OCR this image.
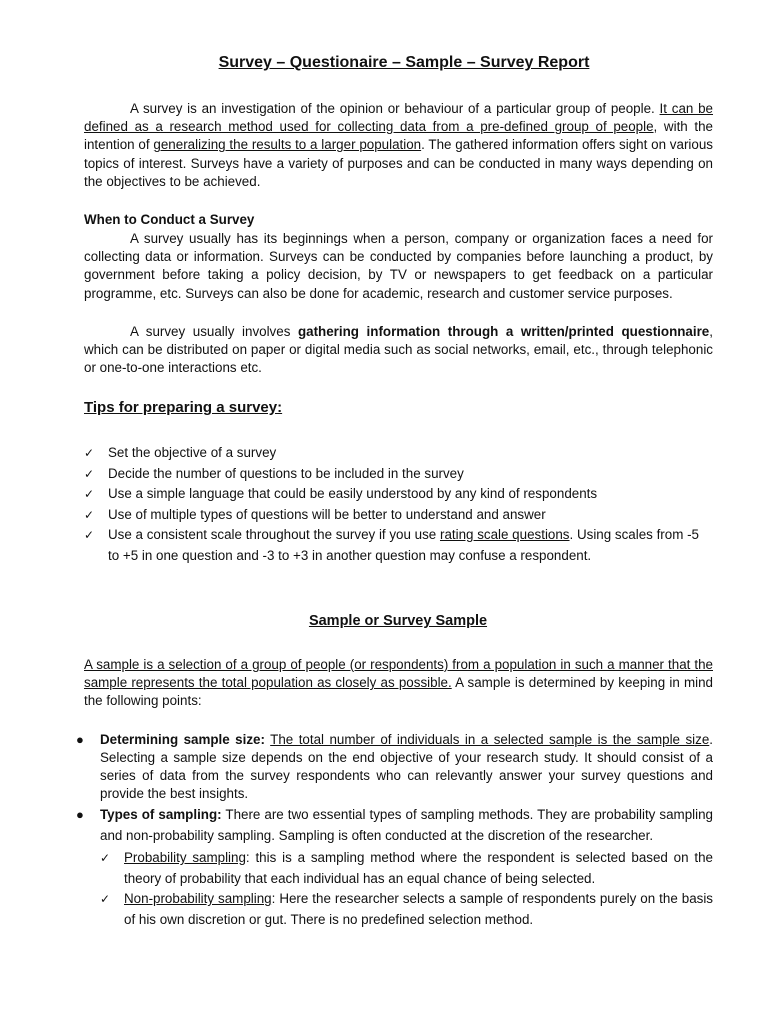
Survey – Questionaire – Sample – Survey Report
A survey is an investigation of the opinion or behaviour of a particular group of people. It can be defined as a research method used for collecting data from a pre-defined group of people, with the intention of generalizing the results to a larger population. The gathered information offers sight on various topics of interest. Surveys have a variety of purposes and can be conducted in many ways depending on the objectives to be achieved.
When to Conduct a Survey
A survey usually has its beginnings when a person, company or organization faces a need for collecting data or information. Surveys can be conducted by companies before launching a product, by government before taking a policy decision, by TV or newspapers to get feedback on a particular programme, etc. Surveys can also be done for academic, research and customer service purposes.
A survey usually involves gathering information through a written/printed questionnaire, which can be distributed on paper or digital media such as social networks, email, etc., through telephonic or one-to-one interactions etc.
Tips for preparing a survey:
✓ Set the objective of a survey
✓ Decide the number of questions to be included in the survey
✓ Use a simple language that could be easily understood by any kind of respondents
✓ Use of multiple types of questions will be better to understand and answer
✓ Use a consistent scale throughout the survey if you use rating scale questions. Using scales from -5 to +5 in one question and -3 to +3 in another question may confuse a respondent.
Sample or Survey Sample
A sample is a selection of a group of people (or respondents) from a population in such a manner that the sample represents the total population as closely as possible. A sample is determined by keeping in mind the following points:
● Determining sample size: The total number of individuals in a selected sample is the sample size. Selecting a sample size depends on the end objective of your research study. It should consist of a series of data from the survey respondents who can relevantly answer your survey questions and provide the best insights.
● Types of sampling: There are two essential types of sampling methods. They are probability sampling and non-probability sampling. Sampling is often conducted at the discretion of the researcher.
✓ Probability sampling: this is a sampling method where the respondent is selected based on the theory of probability that each individual has an equal chance of being selected.
✓ Non-probability sampling: Here the researcher selects a sample of respondents purely on the basis of his own discretion or gut. There is no predefined selection method.
